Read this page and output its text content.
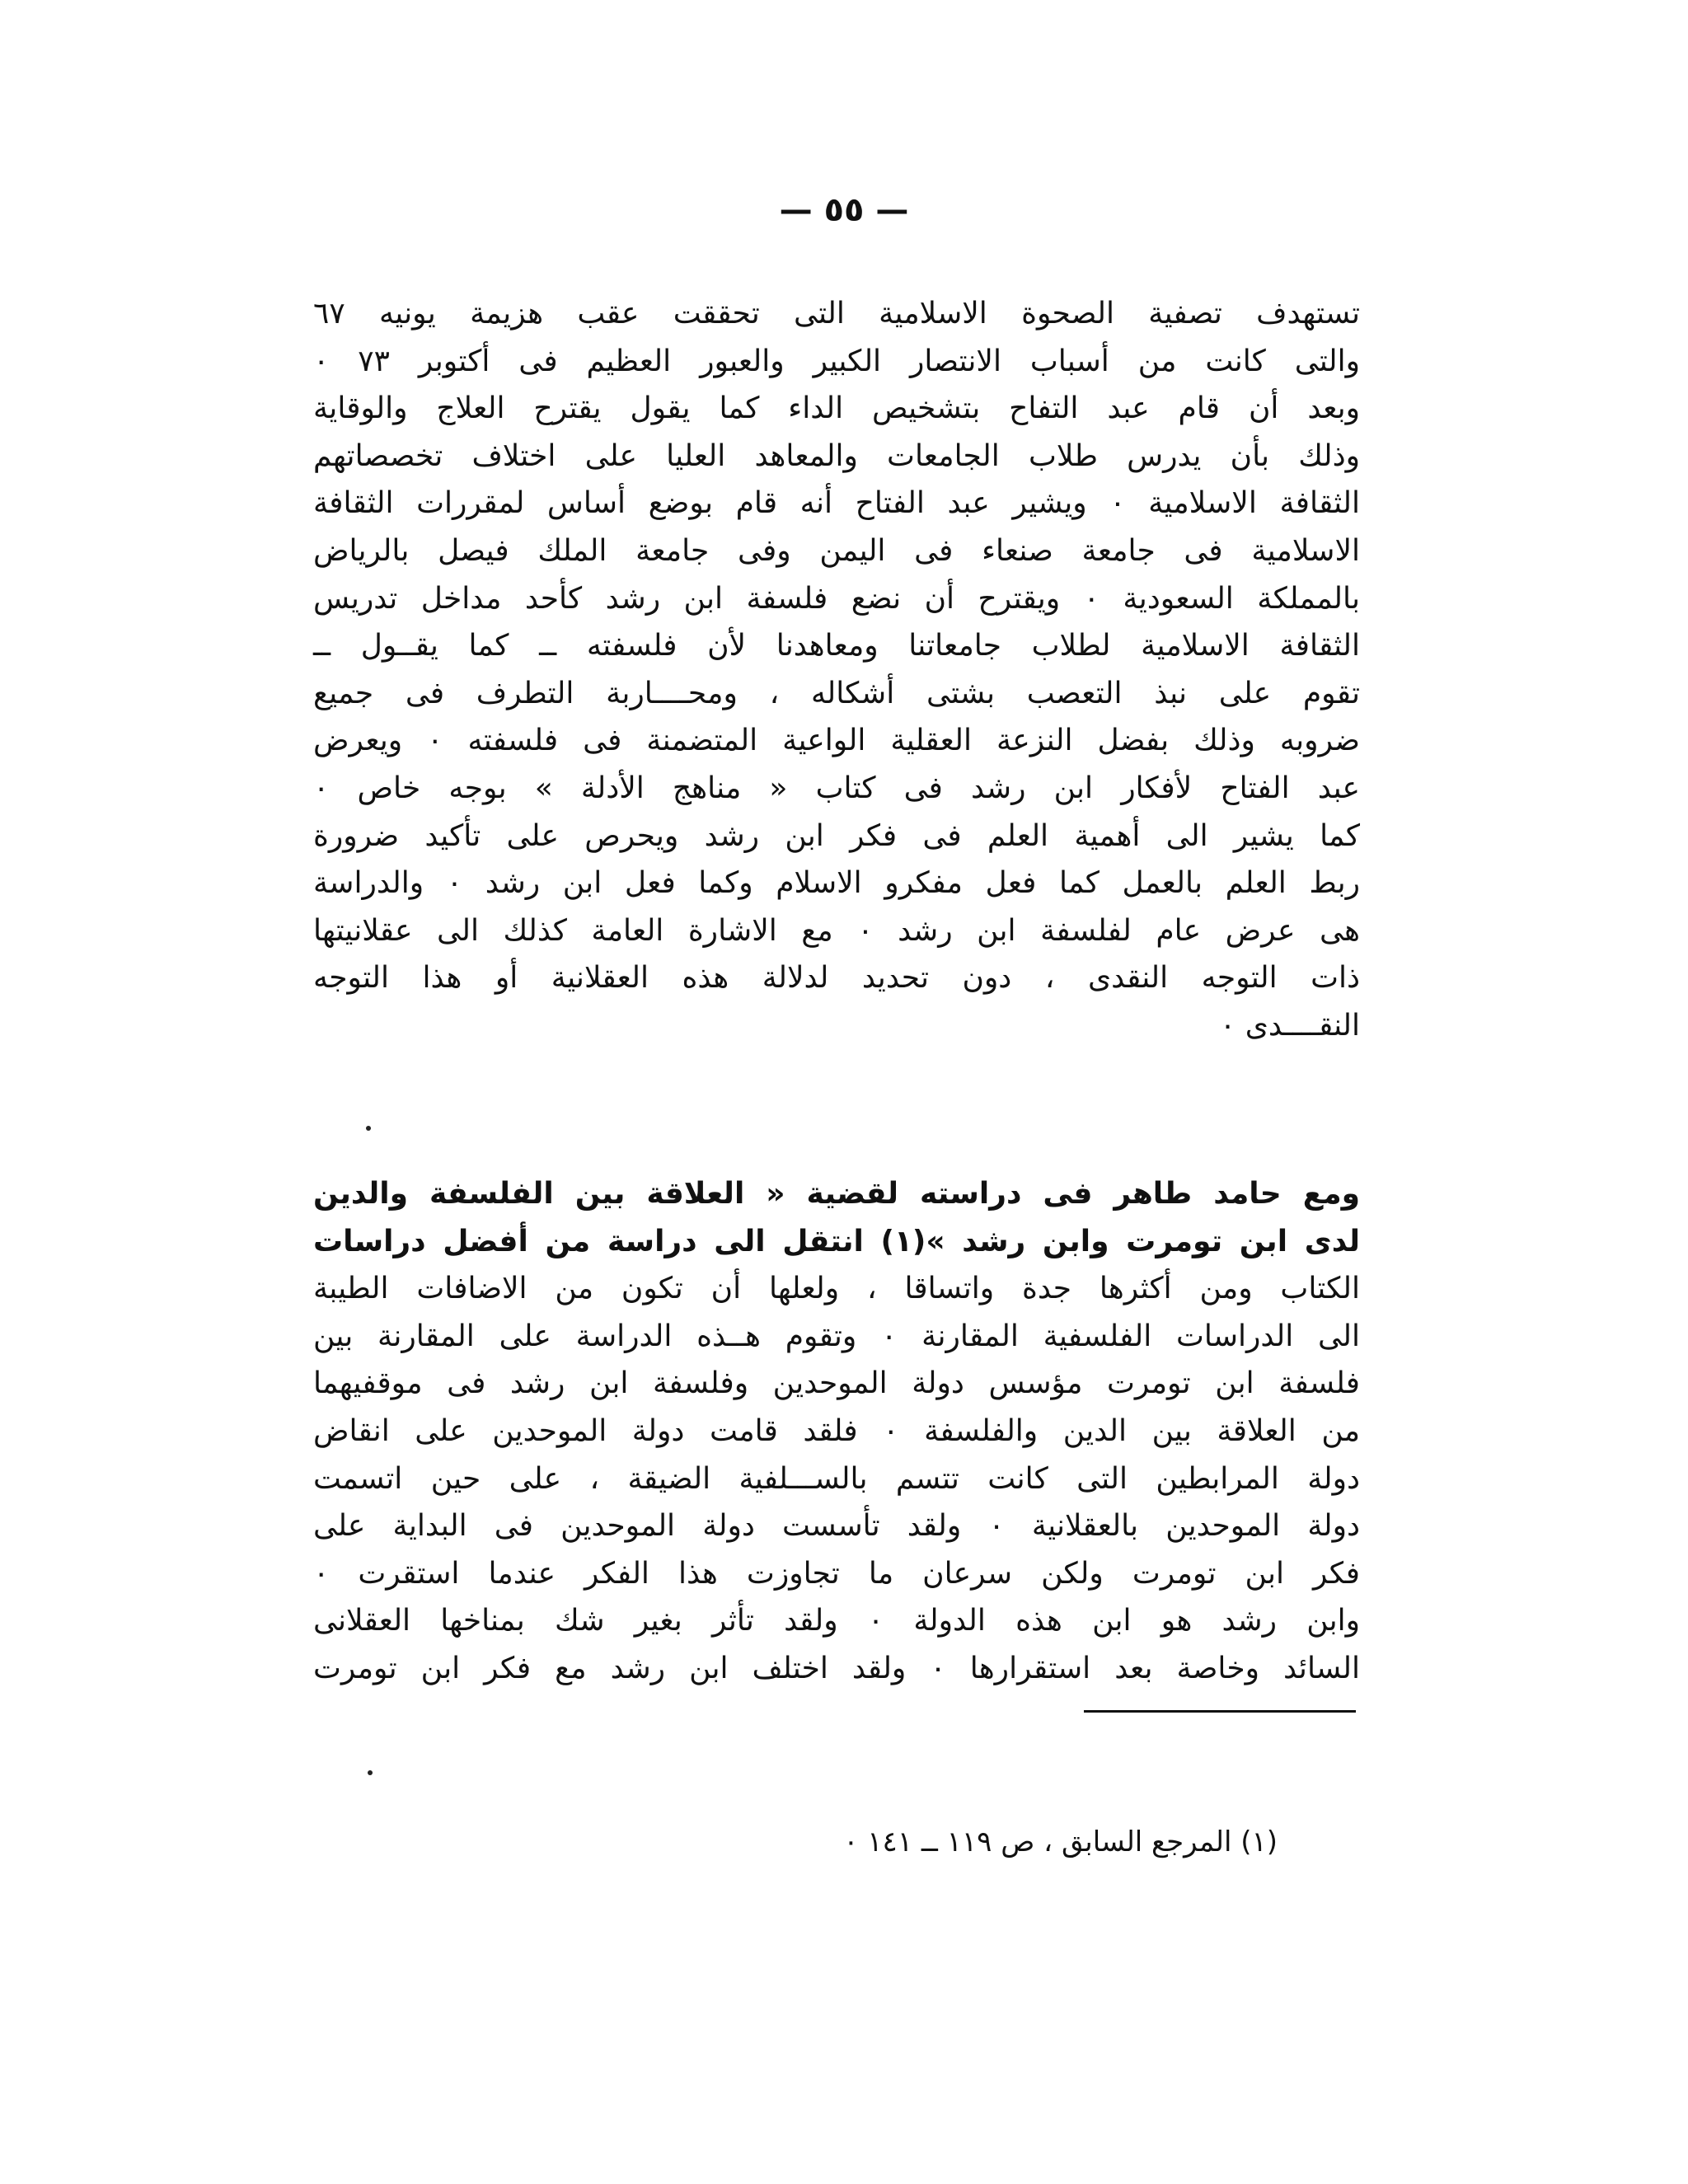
— ٥٥ —
تستهدف تصفية الصحوة الاسلامية التى تحققت عقب هزيمة يونيه ٦٧
والتى كانت من أسباب الانتصار الكبير والعبور العظيم فى أكتوبر ٧٣ ٠
وبعد أن قام عبد التفاح بتشخيص الداء كما يقول يقترح العلاج والوقاية
وذلك بأن يدرس طلاب الجامعات والمعاهد العليا على اختلاف تخصصاتهم
الثقافة الاسلامية ٠ ويشير عبد الفتاح أنه قام بوضع أساس لمقررات الثقافة
الاسلامية فى جامعة صنعاء فى اليمن وفى جامعة الملك فيصل بالرياض
بالمملكة السعودية ٠ ويقترح أن نضع فلسفة ابن رشد كأحد مداخل تدريس
الثقافة الاسلامية لطلاب جامعاتنا ومعاهدنا لأن فلسفته ــ كما يقــول ــ
تقوم على نبذ التعصب بشتى أشكاله ، ومحــــاربة التطرف فى جميع
ضروبه وذلك بفضل النزعة العقلية الواعية المتضمنة فى فلسفته ٠ ويعرض
عبد الفتاح لأفكار ابن رشد فى كتاب « مناهج الأدلة » بوجه خاص ٠
كما يشير الى أهمية العلم فى فكر ابن رشد ويحرص على تأكيد ضرورة
ربط العلم بالعمل كما فعل مفكرو الاسلام وكما فعل ابن رشد ٠ والدراسة
هى عرض عام لفلسفة ابن رشد ٠ مع الاشارة العامة كذلك الى عقلانيتها
ذات التوجه النقدى ، دون تحديد لدلالة هذه العقلانية أو هذا التوجه
النقــــدى ٠
ومع حامد طاهر فى دراسته لقضية « العلاقة بين الفلسفة والدين
لدى ابن تومرت وابن رشد »(١) انتقل الى دراسة من أفضل دراسات
الكتاب ومن أكثرها جدة واتساقا ، ولعلها أن تكون من الاضافات الطيبة
الى الدراسات الفلسفية المقارنة ٠ وتقوم هــذه الدراسة على المقارنة بين
فلسفة ابن تومرت مؤسس دولة الموحدين وفلسفة ابن رشد فى موقفيهما
من العلاقة بين الدين والفلسفة ٠ فلقد قامت دولة الموحدين على انقاض
دولة المرابطين التى كانت تتسم بالســـلفية الضيقة ، على حين اتسمت
دولة الموحدين بالعقلانية ٠ ولقد تأسست دولة الموحدين فى البداية على
فكر ابن تومرت ولكن سرعان ما تجاوزت هذا الفكر عندما استقرت ٠
وابن رشد هو ابن هذه الدولة ٠ ولقد تأثر بغير شك بمناخها العقلانى
السائد وخاصة بعد استقرارها ٠ ولقد اختلف ابن رشد مع فكر ابن تومرت
(١) المرجع السابق ، ص ١١٩ ــ ١٤١ ٠
